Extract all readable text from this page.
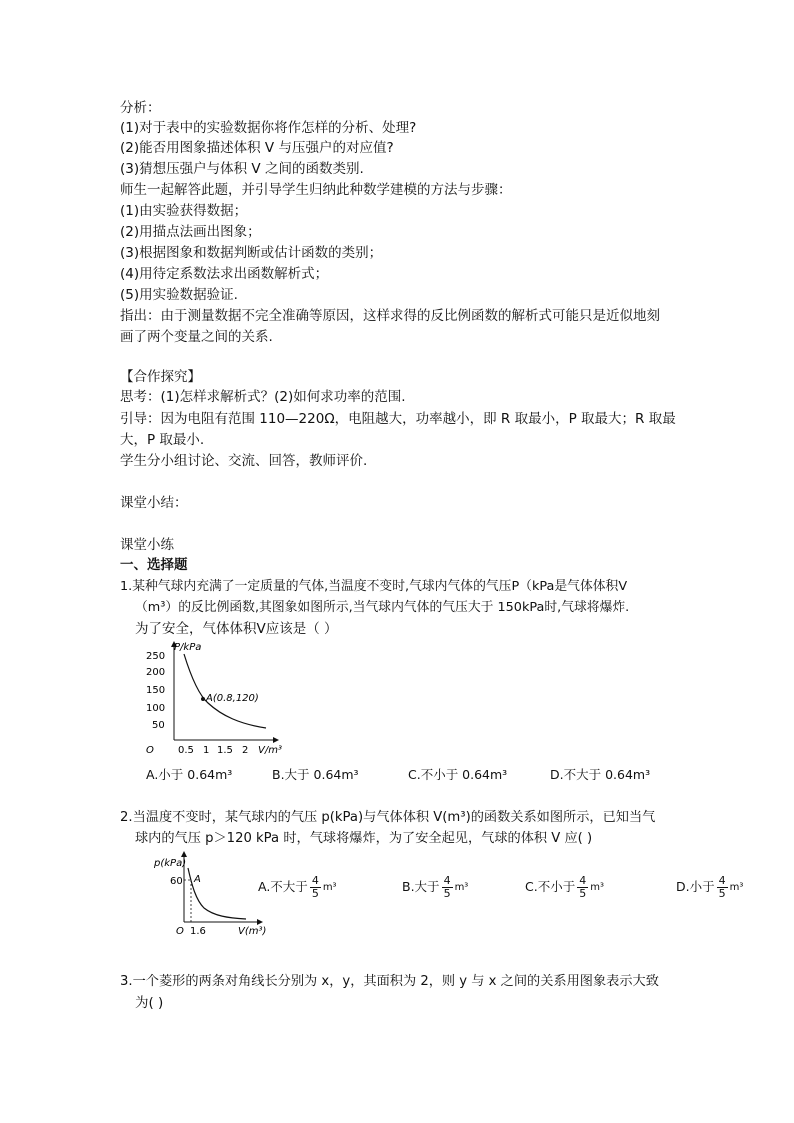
分析：
(1)对于表中的实验数据你将作怎样的分析、处理?
(2)能否用图象描述体积 V 与压强户的对应值?
(3)猜想压强户与体积 V 之间的函数类别.
师生一起解答此题，并引导学生归纳此种数学建模的方法与步骤：
(1)由实验获得数据；
(2)用描点法画出图象；
(3)根据图象和数据判断或估计函数的类别；
(4)用待定系数法求出函数解析式；
(5)用实验数据验证.
指出：由于测量数据不完全准确等原因，这样求得的反比例函数的解析式可能只是近似地刻
画了两个变量之间的关系.
【合作探究】
思考：(1)怎样求解析式？(2)如何求功率的范围.
引导：因为电阻有范围 110—220Ω，电阻越大，功率越小，即 R 取最小，P 取最大；R 取最
大，P 取最小.
学生分小组讨论、交流、回答，教师评价.
课堂小结：
课堂小练
一、选择题
1.某种气球内充满了一定质量的气体,当温度不变时,气球内气体的气压P（kPa是气体体积V
（m³）的反比例函数,其图象如图所示,当气球内气体的气压大于 150kPa时,气球将爆炸.
为了安全，气体体积V应该是（ ）
P/kPa
V/m³
O
250
200
150
100
50
0.5 1 1.5 2
A(0.8,120)
A.小于 0.64m³	B.大于 0.64m³	C.不小于 0.64m³	D.不大于 0.64m³
2.当温度不变时，某气球内的气压 p(kPa)与气体体积 V(m³)的函数关系如图所示，已知当气
球内的气压 p＞120 kPa 时，气球将爆炸，为了安全起见，气球的体积 V 应( )
p(kPa)
60 A
O 1.6	V(m³)
A.不大于 $\frac{4}{5} m^3$	B.大于 $\frac{4}{5} m^3$	C.不小于 $\frac{4}{5} m^3$	D.小于 $\frac{4}{5} m^3$
3.一个菱形的两条对角线长分别为 x，y，其面积为 2，则 y 与 x 之间的关系用图象表示大致
为( )
